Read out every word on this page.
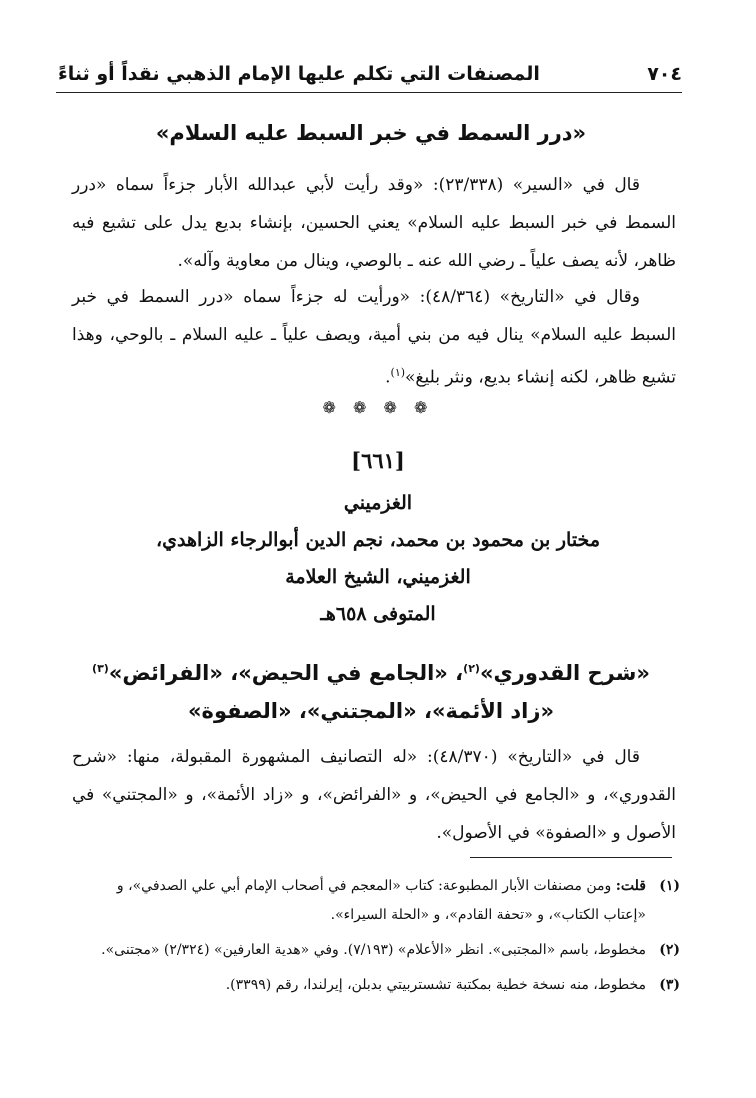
٧٠٤
المصنفات التي تكلم عليها الإمام الذهبي نقداً أو ثناءً
«درر السمط في خبر السبط عليه السلام»
قال في «السير» (٢٣/٣٣٨): «وقد رأيت لأبي عبدالله الأبار جزءاً سماه «درر السمط في خبر السبط عليه السلام» يعني الحسين، بإنشاء بديع يدل على تشيع فيه ظاهر، لأنه يصف علياً ـ رضي الله عنه ـ بالوصي، وينال من معاوية وآله».
وقال في «التاريخ» (٤٨/٣٦٤): «ورأيت له جزءاً سماه «درر السمط في خبر السبط عليه السلام» ينال فيه من بني أمية، ويصف علياً ـ عليه السلام ـ بالوحي، وهذا تشيع ظاهر، لكنه إنشاء بديع، ونثر بليغ»$^{(١)}$.
❁ ❁ ❁ ❁
[٦٦١]
الغزميني
مختار بن محمود بن محمد، نجم الدين أبوالرجاء الزاهدي،
الغزميني، الشيخ العلامة
المتوفى ٦٥٨هـ
«شرح القدوري»$^{(٢)}$، «الجامع في الحيض»، «الفرائض»$^{(٣)}$
«زاد الأئمة»، «المجتني»، «الصفوة»
قال في «التاريخ» (٤٨/٣٧٠): «له التصانيف المشهورة المقبولة، منها: «شرح القدوري»، و «الجامع في الحيض»، و «الفرائض»، و «زاد الأئمة»، و «المجتني» في الأصول و «الصفوة» في الأصول».
(١)
قلت: ومن مصنفات الأبار المطبوعة: كتاب «المعجم في أصحاب الإمام أبي علي الصدفي»، و «إعتاب الكتاب»، و «تحفة القادم»، و «الحلة السيراء».
(٢)
مخطوط، باسم «المجتبى». انظر «الأعلام» (٧/١٩٣). وفي «هدية العارفين» (٢/٣٢٤) «مجتنى».
(٣)
مخطوط، منه نسخة خطية بمكتبة تشستربيتي بدبلن، إيرلندا، رقم (٣٣٩٩).
